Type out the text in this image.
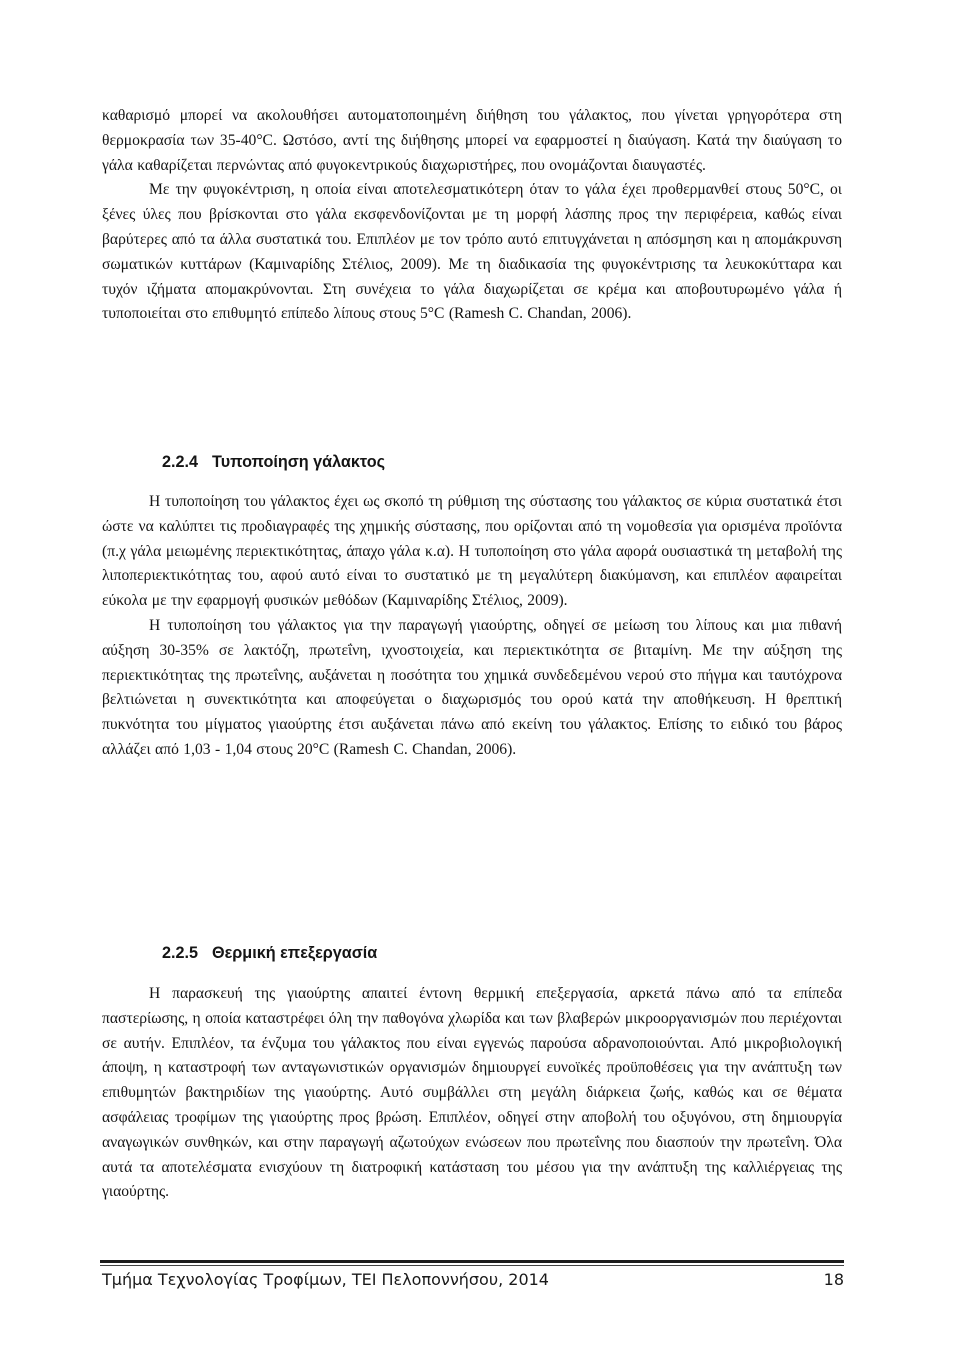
καθαρισμό μπορεί να ακολουθήσει αυτοματοποιημένη διήθηση του γάλακτος, που γίνεται γρηγορότερα στη θερμοκρασία των 35-40°C. Ωστόσο, αντί της διήθησης μπορεί να εφαρμοστεί η διαύγαση. Κατά την διαύγαση το γάλα καθαρίζεται περνώντας από φυγοκεντρικούς διαχωριστήρες, που ονομάζονται διαυγαστές.

Με την φυγοκέντριση, η οποία είναι αποτελεσματικότερη όταν το γάλα έχει προθερμανθεί στους 50°C, οι ξένες ύλες που βρίσκονται στο γάλα εκσφενδονίζονται με τη μορφή λάσπης προς την περιφέρεια, καθώς είναι βαρύτερες από τα άλλα συστατικά του. Επιπλέον με τον τρόπο αυτό επιτυγχάνεται η απόσμηση και η απομάκρυνση σωματικών κυττάρων (Καμιναρίδης Στέλιος, 2009). Με τη διαδικασία της φυγοκέντρισης τα λευκοκύτταρα και τυχόν ιζήματα απομακρύνονται. Στη συνέχεια το γάλα διαχωρίζεται σε κρέμα και αποβουτυρωμένο γάλα ή τυποποιείται στο επιθυμητό επίπεδο λίπους στους 5°C (Ramesh C. Chandan, 2006).

2.2.4 Τυποποίηση γάλακτος

Η τυποποίηση του γάλακτος έχει ως σκοπό τη ρύθμιση της σύστασης του γάλακτος σε κύρια συστατικά έτσι ώστε να καλύπτει τις προδιαγραφές της χημικής σύστασης, που ορίζονται από τη νομοθεσία για ορισμένα προϊόντα (π.χ γάλα μειωμένης περιεκτικότητας, άπαχο γάλα κ.α). Η τυποποίηση στο γάλα αφορά ουσιαστικά τη μεταβολή της λιποπεριεκτικότητας του, αφού αυτό είναι το συστατικό με τη μεγαλύτερη διακύμανση, και επιπλέον αφαιρείται εύκολα με την εφαρμογή φυσικών μεθόδων (Καμιναρίδης Στέλιος, 2009).

Η τυποποίηση του γάλακτος για την παραγωγή γιαούρτης, οδηγεί σε μείωση του λίπους και μια πιθανή αύξηση 30-35% σε λακτόζη, πρωτεΐνη, ιχνοστοιχεία, και περιεκτικότητα σε βιταμίνη. Με την αύξηση της περιεκτικότητας της πρωτεΐνης, αυξάνεται η ποσότητα του χημικά συνδεδεμένου νερού στο πήγμα και ταυτόχρονα βελτιώνεται η συνεκτικότητα και αποφεύγεται ο διαχωρισμός του ορού κατά την αποθήκευση. Η θρεπτική πυκνότητα του μίγματος γιαούρτης έτσι αυξάνεται πάνω από εκείνη του γάλακτος. Επίσης το ειδικό του βάρος αλλάζει από 1,03 - 1,04 στους 20°C (Ramesh C. Chandan, 2006).

2.2.5 Θερμική επεξεργασία

Η παρασκευή της γιαούρτης απαιτεί έντονη θερμική επεξεργασία, αρκετά πάνω από τα επίπεδα παστερίωσης, η οποία καταστρέφει όλη την παθογόνα χλωρίδα και των βλαβερών μικροοργανισμών που περιέχονται σε αυτήν. Επιπλέον, τα ένζυμα του γάλακτος που είναι εγγενώς παρούσα αδρανοποιούνται. Από μικροβιολογική άποψη, η καταστροφή των ανταγωνιστικών οργανισμών δημιουργεί ευνοϊκές προϋποθέσεις για την ανάπτυξη των επιθυμητών βακτηριδίων της γιαούρτης. Αυτό συμβάλλει στη μεγάλη διάρκεια ζωής, καθώς και σε θέματα ασφάλειας τροφίμων της γιαούρτης προς βρώση. Επιπλέον, οδηγεί στην αποβολή του οξυγόνου, στη δημιουργία αναγωγικών συνθηκών, και στην παραγωγή αζωτούχων ενώσεων που πρωτεΐνης που διασπούν την πρωτεΐνη. Όλα αυτά τα αποτελέσματα ενισχύουν τη διατροφική κατάσταση του μέσου για την ανάπτυξη της καλλιέργειας της γιαούρτης.

Τμήμα Τεχνολογίας Τροφίμων, ΤΕΙ Πελοποννήσου, 2014	18
